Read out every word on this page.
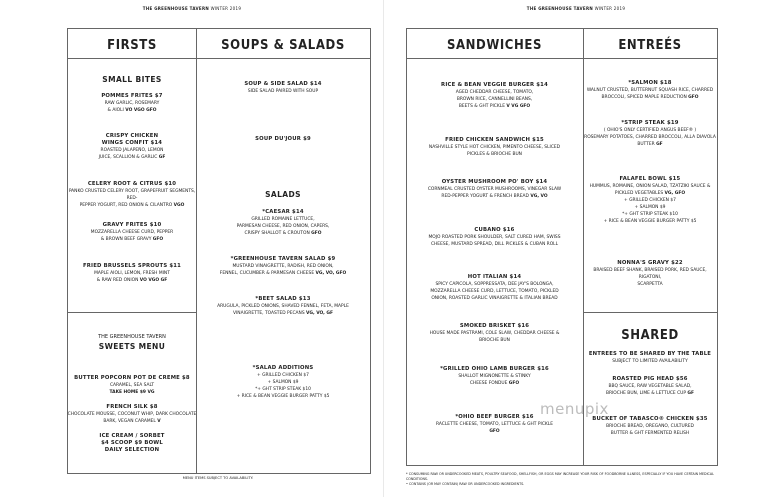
THE GREENHOUSE TAVERN WINTER 2019
FIRSTS	SOUPS & SALADS
SMALL BITES
POMMES FRITES $7
RAW GARLIC, ROSEMARY
& AIOLI VO VGO GFO
CRISPY CHICKEN
WINGS CONFIT $14
ROASTED JALAPEÑO, LEMON
JUICE, SCALLION & GARLIC GF
CELERY ROOT & CITRUS $10
PANKO CRUSTED CELERY ROOT, GRAPEFRUIT SEGMENTS, RED-
PEPPER YOGURT, RED ONION & CILANTRO VGO
GRAVY FRITES $10
MOZZARELLA CHEESE CURD, PEPPER
& BROWN BEEF GRAVY GFO
FRIED BRUSSELS SPROUTS $11
MAPLE AIOLI, LEMON, FRESH MINT
& RAW RED ONION VO VGO GF
THE GREENHOUSE TAVERN
SWEETS MENU
BUTTER POPCORN POT DE CREME $8
CARAMEL, SEA SALT
TAKE HOME $9 VG
FRENCH SILK $8
CHOCOLATE MOUSSE, COCONUT WHIP, DARK CHOCOLATE
BARK, VEGAN CARAMEL V
ICE CREAM / SORBET
$4 SCOOP $9 BOWL
DAILY SELECTION
MENU ITEMS SUBJECT TO AVAILABILITY.
SOUP & SIDE SALAD $14
SIDE SALAD PAIRED WITH SOUP
SOUP DU'JOUR $9
SALADS
*CAESAR $14
GRILLED ROMAINE LETTUCE,
PARMESAN CHEESE, RED ONION, CAPERS,
CRISPY SHALLOT & CROUTON GFO
*GREENHOUSE TAVERN SALAD $9
MUSTARD VINAIGRETTE, RADISH, RED ONION,
FENNEL, CUCUMBER & PARMESAN CHEESE VG, VO, GFO
*BEET SALAD $13
ARUGULA, PICKLED ONIONS, SHAVED FENNEL, FETA, MAPLE
VINAIGRETTE, TOASTED PECANS VG, VO, GF
*SALAD ADDITIONS
+ GRILLED CHICKEN $7
+ SALMON $9
*+ GHT STRIP STEAK $10
+ RICE & BEAN VEGGIE BURGER PATTY $5
THE GREENHOUSE TAVERN WINTER 2019
SANDWICHES	ENTREÉS
RICE & BEAN VEGGIE BURGER $14
AGED CHEDDAR CHEESE, TOMATO,
BROWN RICE, CANNELLINI BEANS,
BEETS & GHT PICKLE V VG GFO
FRIED CHICKEN SANDWICH $15
NASHVILLE STYLE HOT CHICKEN, PIMENTO CHEESE, SLICED
PICKLES & BRIOCHE BUN
OYSTER MUSHROOM PO' BOY $14
CORNMEAL CRUSTED OYSTER MUSHROOMS, VINEGAR SLAW
RED-PEPPER YOGURT & FRENCH BREAD VG, VO
CUBANO $16
MOJO ROASTED PORK SHOULDER, SALT CURED HAM, SWISS
CHEESE, MUSTARD SPREAD, DILL PICKLES & CUBAN ROLL
HOT ITALIAN $14
SPICY CAPICOLA, SOPPRESSATA, DEE JAY'S BOLONGA,
MOZZARELLA CHEESE CURD, LETTUCE, TOMATO, PICKLED
ONION, ROASTED GARLIC VINAIGRETTE & ITALIAN BREAD
SMOKED BRISKET $16
HOUSE MADE PASTRAMI, COLE SLAW, CHEDDAR CHEESE &
BRIOCHE BUN
*GRILLED OHIO LAMB BURGER $16
SHALLOT MIGNONETTE & STINKY
CHEESE FONDUE GFO
*OHIO BEEF BURGER $16
RACLETTE CHEESE, TOMATO, LETTUCE & GHT PICKLE
GFO
* CONSUMING RAW OR UNDERCOOKED MEATS, POULTRY SEAFOOD, SHELLFISH, OR EGGS MAY INCREASE YOUR RISK OF FOODBORNE ILLNESS, ESPECIALLY IF YOU HAVE CERTAIN MEDICAL CONDITIONS.
• CONTAINS (OR MAY CONTAIN) RAW OR UNDERCOOKED INGREDIENTS.
*SALMON $18
WALNUT CRUSTED, BUTTERNUT SQUASH RICE, CHARRED
BROCCOLI, SPICED MAPLE REDUCTION GFO
*STRIP STEAK $19
( OHIO'S ONLY CERTIFIED ANGUS BEEF® )
ROSEMARY POTATOES, CHARRED BROCCOLI, ALLA DIAVOLA
BUTTER GF
FALAFEL BOWL $15
HUMMUS, ROMAINE, ONION SALAD, TZATZIKI SAUCE &
PICKLED VEGETABLES VG, GFO
+ GRILLED CHICKEN $7
+ SALMON $9
*+ GHT STRIP STEAK $10
+ RICE & BEAN VEGGIE BURGER PATTY $5
NONNA'S GRAVY $22
BRAISED BEEF SHANK, BRAISED PORK, RED SAUCE, RIGATONI,
SCARPETTA
SHARED
ENTREES TO BE SHARED BY THE TABLE
SUBJECT TO LIMITED AVAILABILITY
ROASTED PIG HEAD $56
BBQ SAUCE, RAW VEGETABLE SALAD,
BRIOCHE BUN, LIME & LETTUCE CUP GF
BUCKET OF TABASCO® CHICKEN $35
BRIOCHE BREAD, OREGANO, CULTURED
BUTTER & GHT FERMENTED RELISH
menupix
